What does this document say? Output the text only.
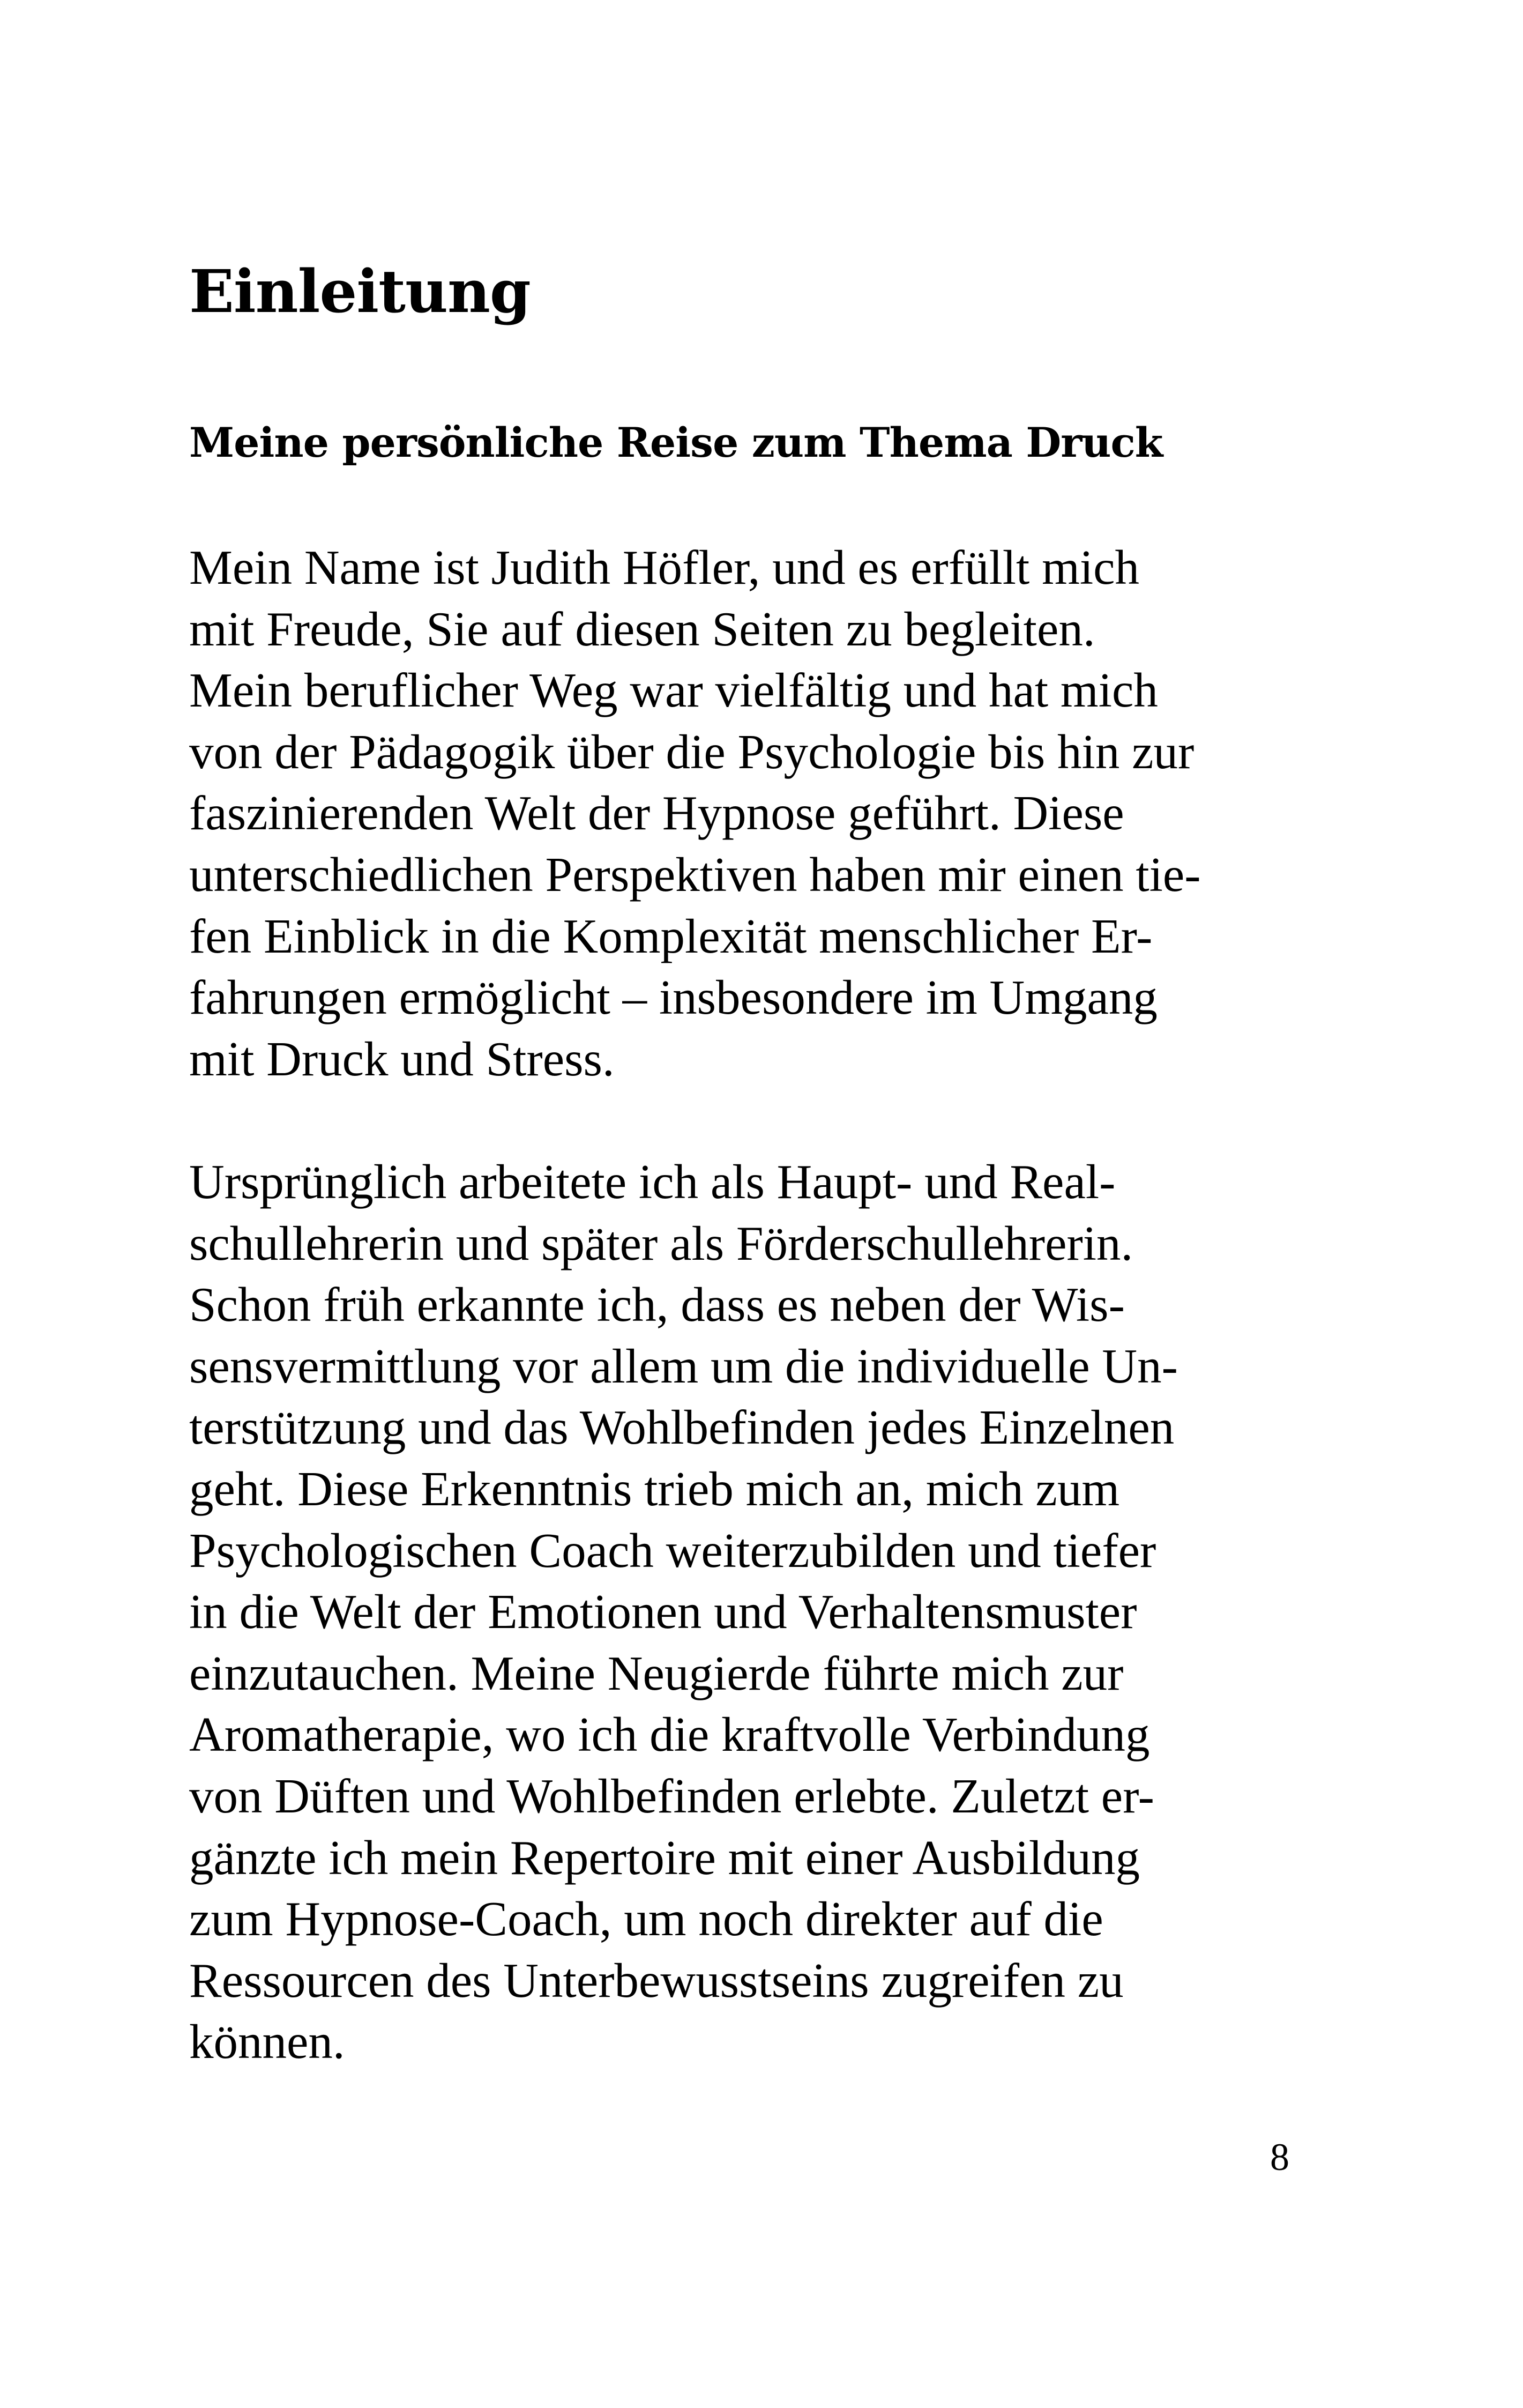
Einleitung
Meine persönliche Reise zum Thema Druck

Mein Name ist Judith Höfler, und es erfüllt mich
mit Freude, Sie auf diesen Seiten zu begleiten.
Mein beruflicher Weg war vielfältig und hat mich
von der Pädagogik über die Psychologie bis hin zur
faszinierenden Welt der Hypnose geführt. Diese
unterschiedlichen Perspektiven haben mir einen tie-
fen Einblick in die Komplexität menschlicher Er-
fahrungen ermöglicht – insbesondere im Umgang
mit Druck und Stress.

Ursprünglich arbeitete ich als Haupt- und Real-
schullehrerin und später als Förderschullehrerin.
Schon früh erkannte ich, dass es neben der Wis-
sensvermittlung vor allem um die individuelle Un-
terstützung und das Wohlbefinden jedes Einzelnen
geht. Diese Erkenntnis trieb mich an, mich zum
Psychologischen Coach weiterzubilden und tiefer
in die Welt der Emotionen und Verhaltensmuster
einzutauchen. Meine Neugierde führte mich zur
Aromatherapie, wo ich die kraftvolle Verbindung
von Düften und Wohlbefinden erlebte. Zuletzt er-
gänzte ich mein Repertoire mit einer Ausbildung
zum Hypnose-Coach, um noch direkter auf die
Ressourcen des Unterbewusstseins zugreifen zu
können.

8
